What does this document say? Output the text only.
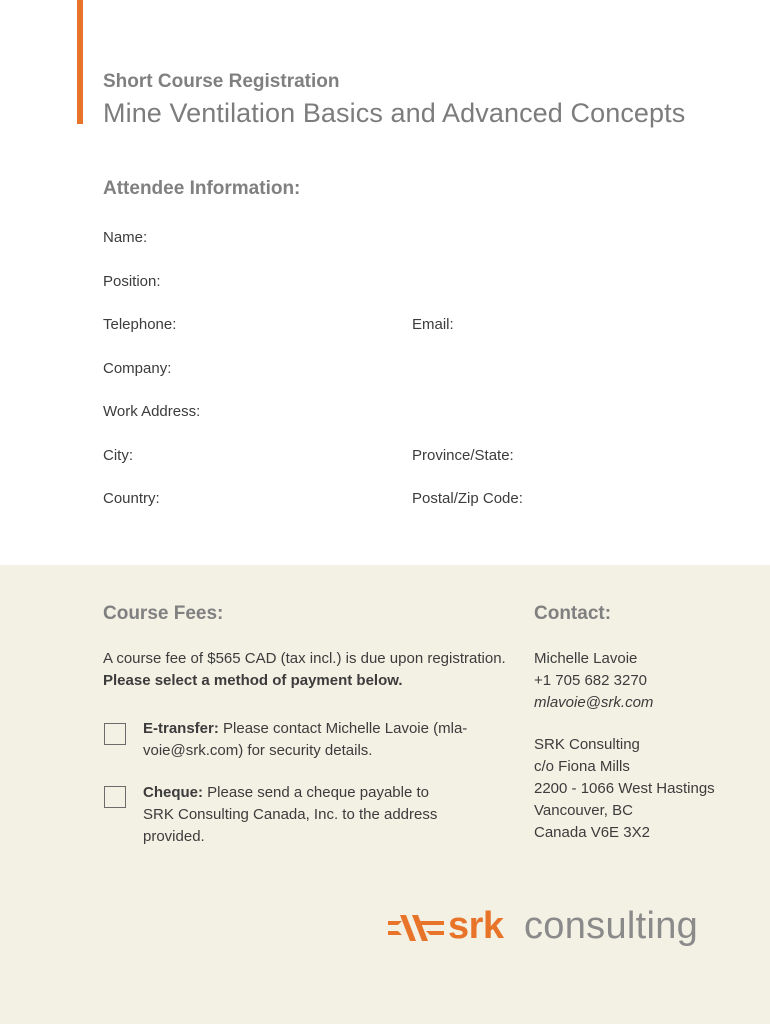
Short Course Registration
Mine Ventilation Basics and Advanced Concepts
Attendee Information:
Name:
Position:
Telephone:	Email:
Company:
Work Address:
City:	Province/State:
Country:	Postal/Zip Code:
Course Fees:
A course fee of $565 CAD (tax incl.) is due upon registration.
Please select a method of payment below.
E-transfer: Please contact Michelle Lavoie (mla-
voie@srk.com) for security details.
Cheque: Please send a cheque payable to
SRK Consulting Canada, Inc. to the address
provided.
Contact:
Michelle Lavoie
+1 705 682 3270
mlavoie@srk.com
SRK Consulting
c/o Fiona Mills
2200 - 1066 West Hastings
Vancouver, BC
Canada V6E 3X2
srk consulting
